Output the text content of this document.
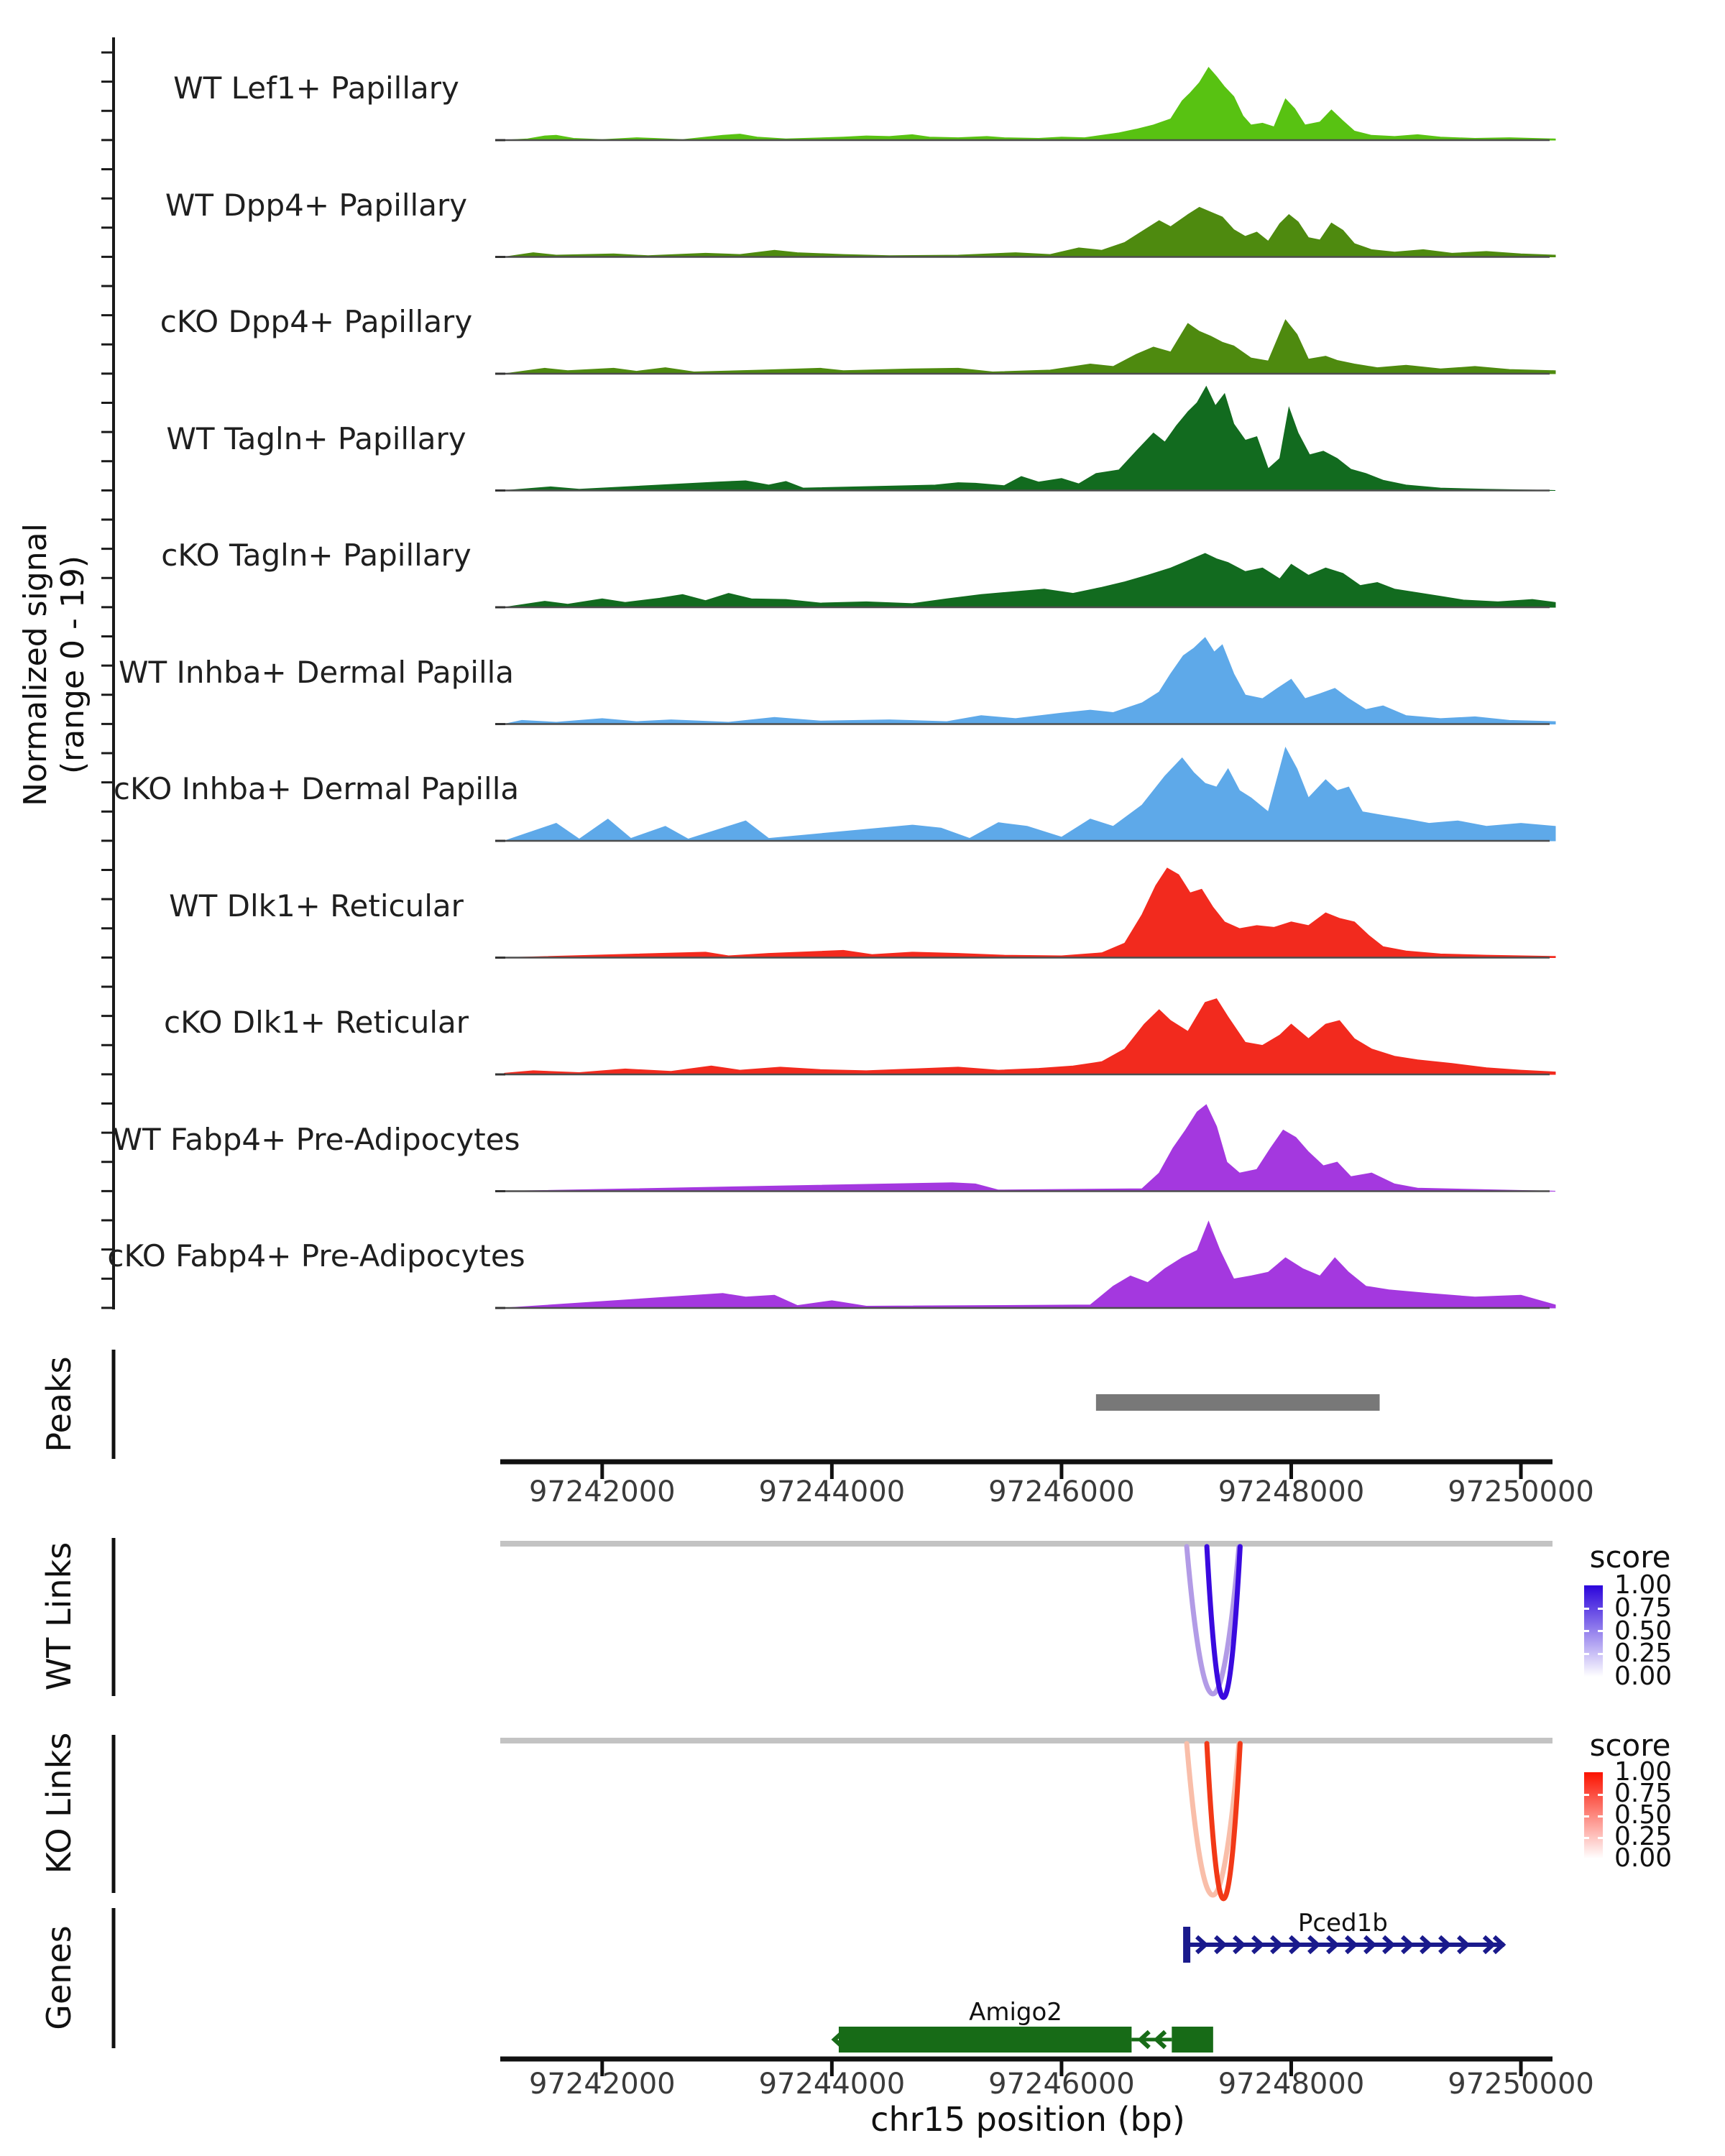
Normalized signal (range 0 - 19)
Peaks
WT Links
KO Links
Genes
score
1.00
0.75
0.50
0.25
0.00
score
1.00
0.75
0.50
0.25
0.00
chr15 position (bp)
WT Lef1+ Papillary
WT Dpp4+ Papillary
cKO Dpp4+ Papillary
WT Tagln+ Papillary
cKO Tagln+ Papillary
WT Inhba+ Dermal Papilla
cKO Inhba+ Dermal Papilla
WT Dlk1+ Reticular
cKO Dlk1+ Reticular
WT Fabp4+ Pre-Adipocytes
cKO Fabp4+ Pre-Adipocytes
97242000	97244000	97246000	97248000	97250000
Pced1b
Amigo2
97242000	97244000	97246000	97248000	97250000
